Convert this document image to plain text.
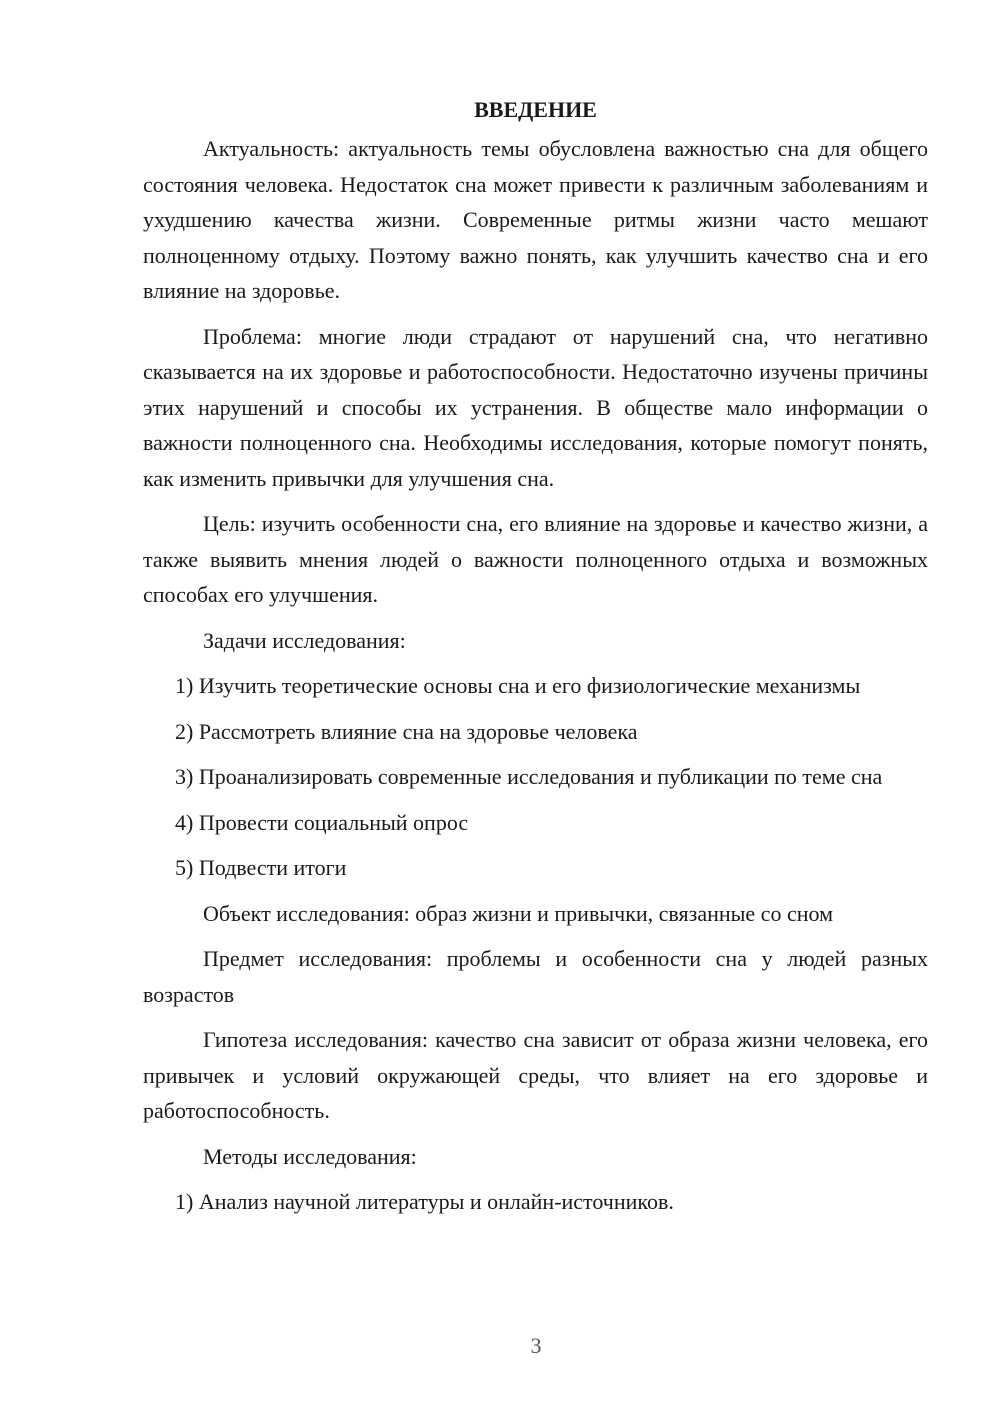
ВВЕДЕНИЕ
Актуальность: актуальность темы обусловлена важностью сна для общего состояния человека. Недостаток сна может привести к различным заболеваниям и ухудшению качества жизни. Современные ритмы жизни часто мешают полноценному отдыху. Поэтому важно понять, как улучшить качество сна и его влияние на здоровье.
Проблема: многие люди страдают от нарушений сна, что негативно сказывается на их здоровье и работоспособности. Недостаточно изучены причины этих нарушений и способы их устранения. В обществе мало информации о важности полноценного сна. Необходимы исследования, которые помогут понять, как изменить привычки для улучшения сна.
Цель: изучить особенности сна, его влияние на здоровье и качество жизни, а также выявить мнения людей о важности полноценного отдыха и возможных способах его улучшения.
Задачи исследования:
1) Изучить теоретические основы сна и его физиологические механизмы
2) Рассмотреть влияние сна на здоровье человека
3) Проанализировать современные исследования и публикации по теме сна
4) Провести социальный опрос
5) Подвести итоги
Объект исследования: образ жизни и привычки, связанные со сном
Предмет исследования: проблемы и особенности сна у людей разных возрастов
Гипотеза исследования: качество сна зависит от образа жизни человека, его привычек и условий окружающей среды, что влияет на его здоровье и работоспособность.
Методы исследования:
1) Анализ научной литературы и онлайн-источников.
3
